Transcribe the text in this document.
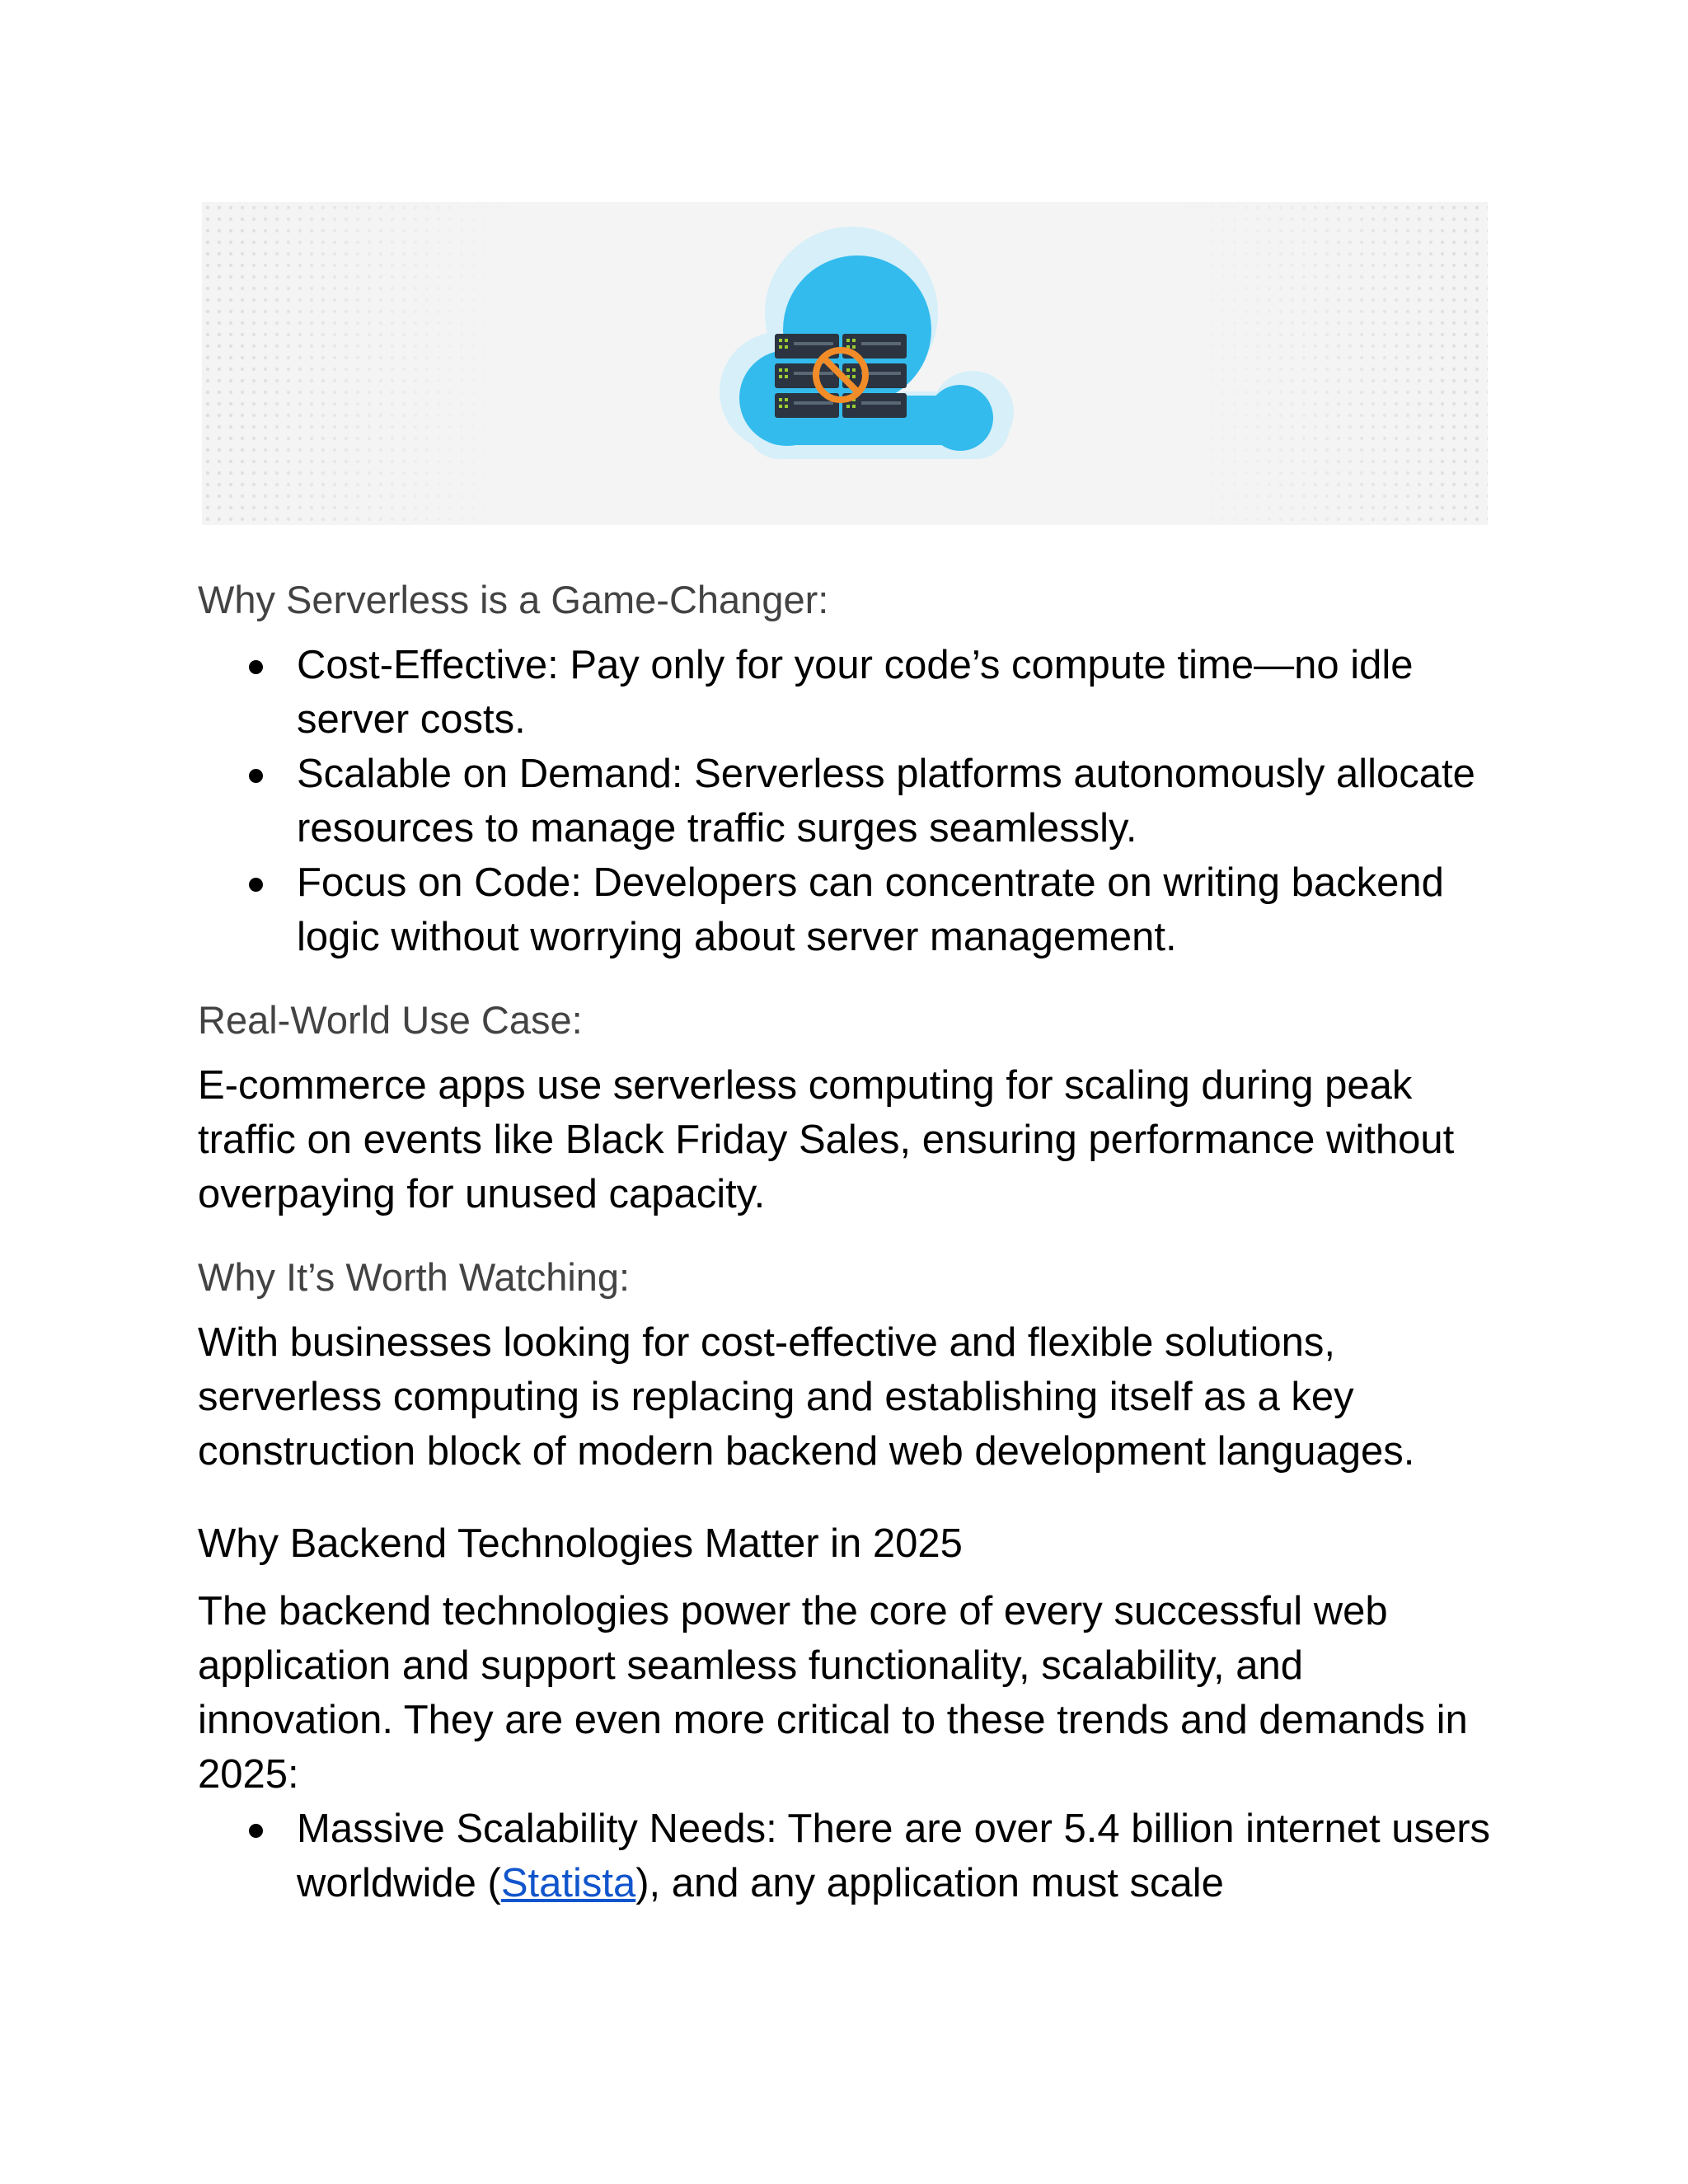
Why Serverless is a Game-Changer:

Cost-Effective: Pay only for your code’s compute time—no idle server costs.
Scalable on Demand: Serverless platforms autonomously allocate resources to manage traffic surges seamlessly.
Focus on Code: Developers can concentrate on writing backend logic without worrying about server management.

Real-World Use Case:

E-commerce apps use serverless computing for scaling during peak traffic on events like Black Friday Sales, ensuring performance without overpaying for unused capacity.

Why It’s Worth Watching:

With businesses looking for cost-effective and flexible solutions, serverless computing is replacing and establishing itself as a key construction block of modern backend web development languages.

Why Backend Technologies Matter in 2025

The backend technologies power the core of every successful web application and support seamless functionality, scalability, and innovation. They are even more critical to these trends and demands in 2025:

Massive Scalability Needs: There are over 5.4 billion internet users worldwide (Statista), and any application must scale
